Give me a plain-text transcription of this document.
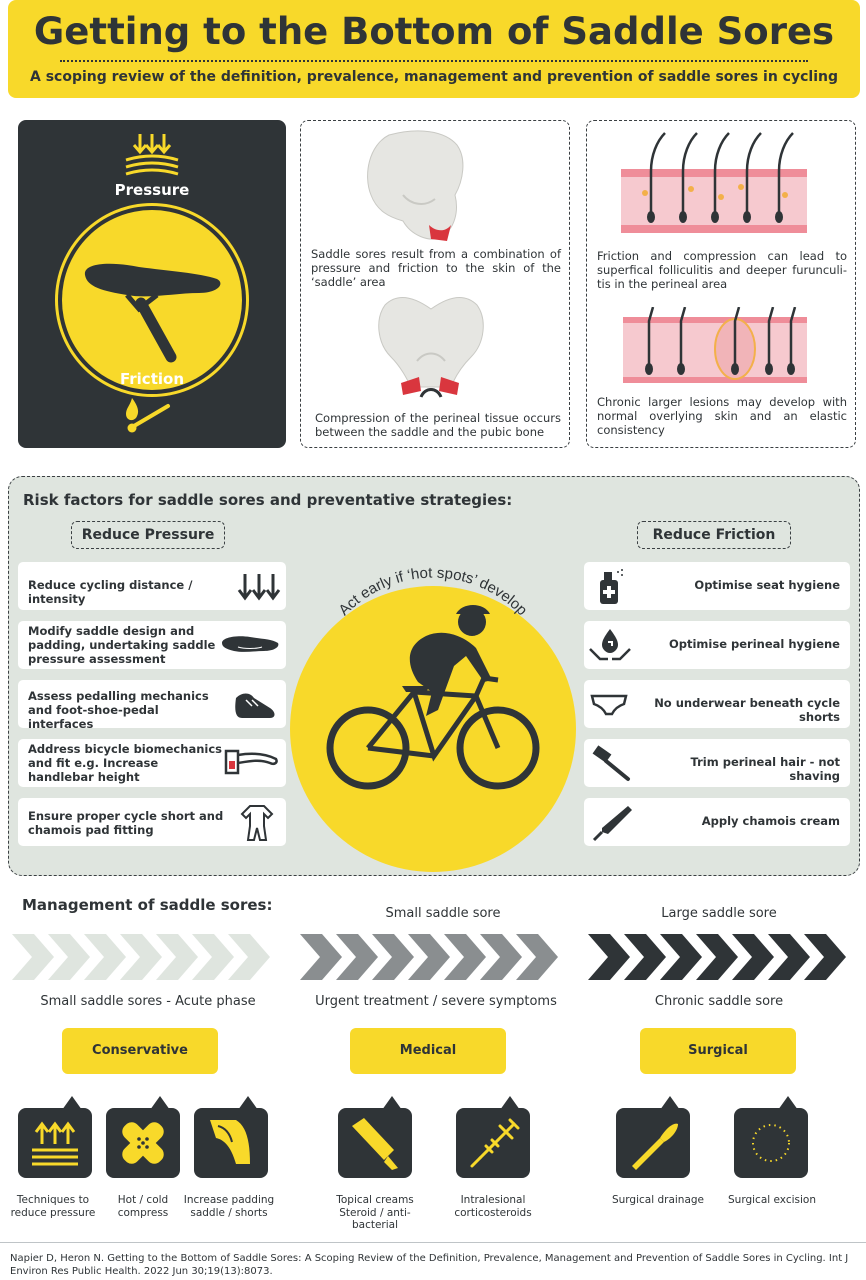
Getting to the Bottom of Saddle Sores
A scoping review of the definition, prevalence, management and prevention of saddle sores in cycling
Pressure
Friction
Saddle sores result from a combination of pressure and friction to the skin of the ‘saddle’ area
Compression of the perineal tissue occurs between the saddle and the pubic bone
Friction and compression can lead to superfical folliculitis and deeper furunculi-tis in the perineal area
Chronic larger lesions may develop with normal overlying skin and an elastic consistency
Risk factors for saddle sores and preventative strategies:
Reduce Pressure	Reduce Friction
Reduce cycling distance / intensity
Modify saddle design and padding, undertaking saddle pressure assessment
Assess pedalling mechanics and foot-shoe-pedal interfaces
Address bicycle biomechanics and fit e.g. Increase handlebar height
Ensure proper cycle short and chamois pad fitting
Optimise seat hygiene
Optimise perineal hygiene
No underwear beneath cycle shorts
Trim perineal hair - not shaving
Apply chamois cream
Act early if ‘hot spots’ develop
Management of saddle sores:	Small saddle sore	Large saddle sore
Small saddle sores - Acute phase	Urgent treatment / severe symptoms	Chronic saddle sore
Conservative	Medical	Surgical
Techniques to reduce pressure
Hot / cold compress
Increase padding saddle / shorts
Topical creams Steroid / anti-bacterial
Intralesional corticosteroids
Surgical drainage	Surgical excision
Napier D, Heron N. Getting to the Bottom of Saddle Sores: A Scoping Review of the Definition, Prevalence, Management and Prevention of Saddle Sores in Cycling. Int J Environ Res Public Health. 2022 Jun 30;19(13):8073.
